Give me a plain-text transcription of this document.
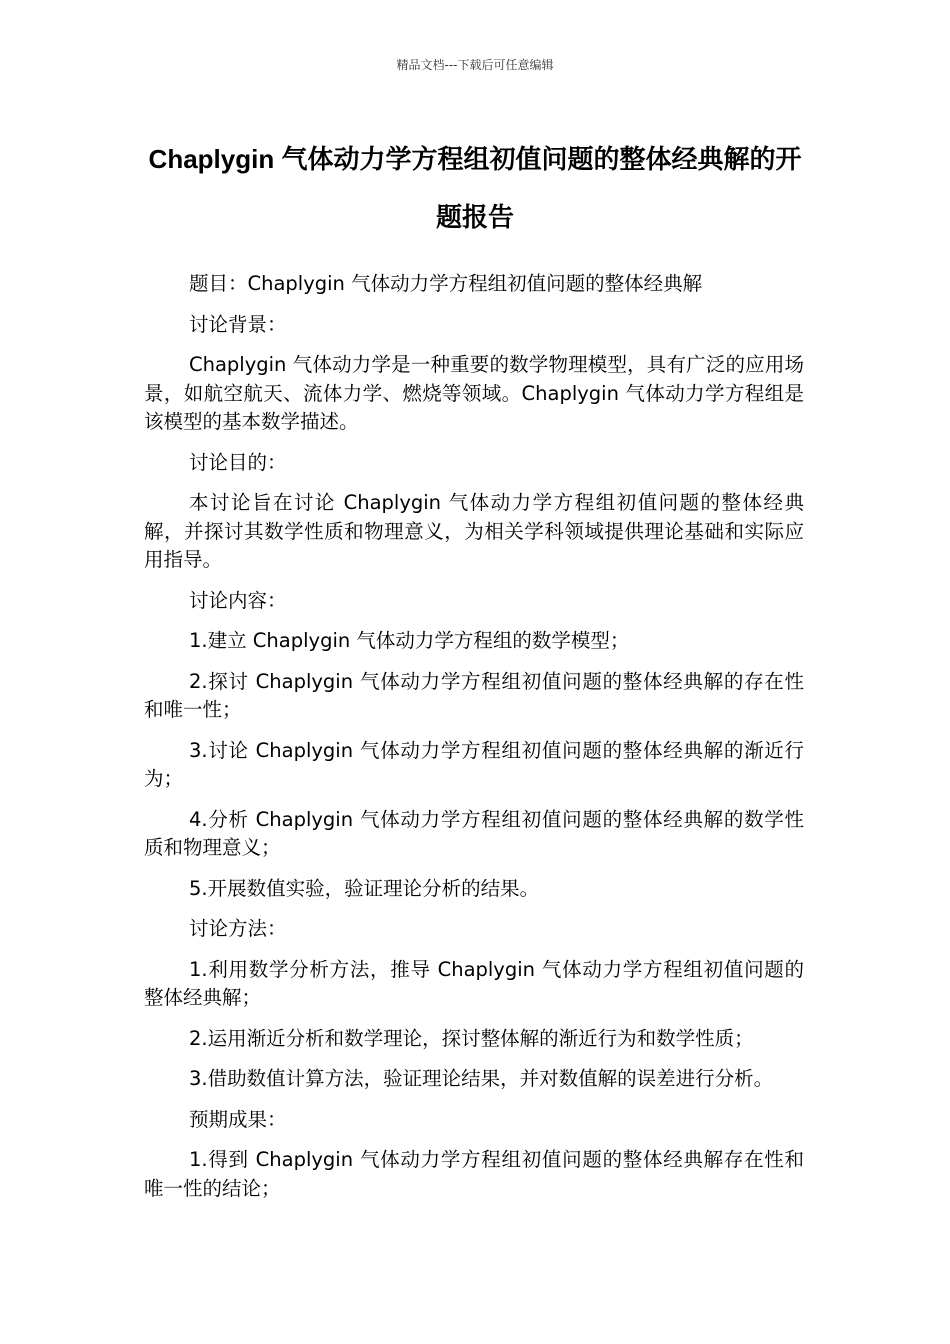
精品文档---下载后可任意编辑
Chaplygin 气体动力学方程组初值问题的整体经典解的开题报告

题目：Chaplygin 气体动力学方程组初值问题的整体经典解

讨论背景：

Chaplygin 气体动力学是一种重要的数学物理模型，具有广泛的应用场景，如航空航天、流体力学、燃烧等领域。Chaplygin 气体动力学方程组是该模型的基本数学描述。

讨论目的：

本讨论旨在讨论 Chaplygin 气体动力学方程组初值问题的整体经典解，并探讨其数学性质和物理意义，为相关学科领域提供理论基础和实际应用指导。

讨论内容：

1.建立 Chaplygin 气体动力学方程组的数学模型；

2.探讨 Chaplygin 气体动力学方程组初值问题的整体经典解的存在性和唯一性；

3.讨论 Chaplygin 气体动力学方程组初值问题的整体经典解的渐近行为；

4.分析 Chaplygin 气体动力学方程组初值问题的整体经典解的数学性质和物理意义；

5.开展数值实验，验证理论分析的结果。

讨论方法：

1.利用数学分析方法，推导 Chaplygin 气体动力学方程组初值问题的整体经典解；

2.运用渐近分析和数学理论，探讨整体解的渐近行为和数学性质；

3.借助数值计算方法，验证理论结果，并对数值解的误差进行分析。

预期成果：

1.得到 Chaplygin 气体动力学方程组初值问题的整体经典解存在性和唯一性的结论；
